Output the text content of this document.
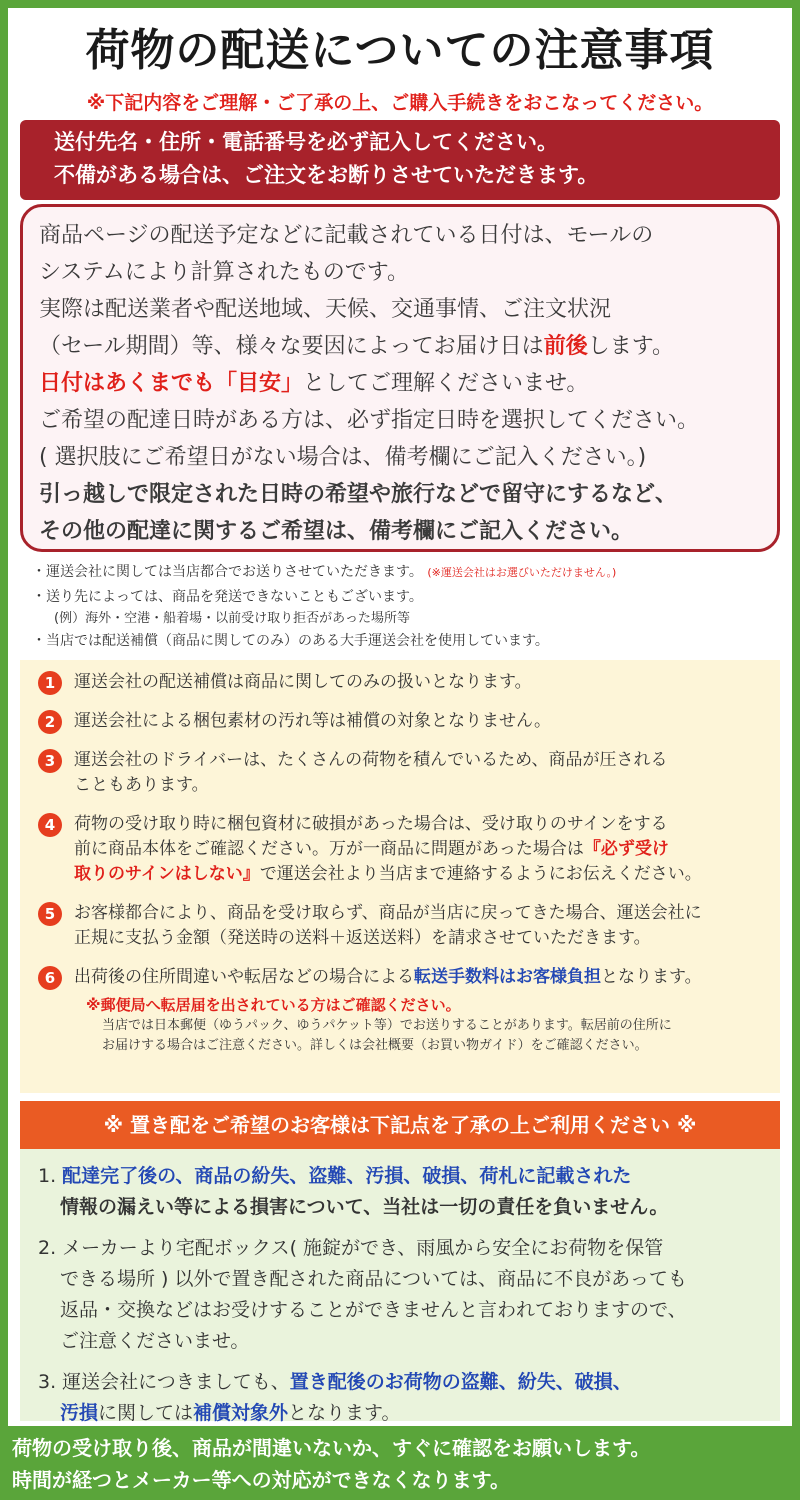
荷物の配送についての注意事項
※下記内容をご理解・ご了承の上、ご購入手続きをおこなってください。
送付先名・住所・電話番号を必ず記入してください。
不備がある場合は、ご注文をお断りさせていただきます。
商品ページの配送予定などに記載されている日付は、モールの
システムにより計算されたものです。
実際は配送業者や配送地域、天候、交通事情、ご注文状況
（セール期間）等、様々な要因によってお届け日は前後します。
日付はあくまでも「目安」としてご理解くださいませ。
ご希望の配達日時がある方は、必ず指定日時を選択してください。
( 選択肢にご希望日がない場合は、備考欄にご記入ください。)
引っ越しで限定された日時の希望や旅行などで留守にするなど、
その他の配達に関するご希望は、備考欄にご記入ください。
・運送会社に関しては当店都合でお送りさせていただきます。 (※運送会社はお選びいただけません。)
・送り先によっては、商品を発送できないこともございます。
(例）海外・空港・船着場・以前受け取り拒否があった場所等
・当店では配送補償（商品に関してのみ）のある大手運送会社を使用しています。
1	運送会社の配送補償は商品に関してのみの扱いとなります。
2	運送会社による梱包素材の汚れ等は補償の対象となりません。
3	運送会社のドライバーは、たくさんの荷物を積んでいるため、商品が圧される
こともあります。
4	荷物の受け取り時に梱包資材に破損があった場合は、受け取りのサインをする
前に商品本体をご確認ください。万が一商品に問題があった場合は『必ず受け
取りのサインはしない』で運送会社より当店まで連絡するようにお伝えください。
5	お客様都合により、商品を受け取らず、商品が当店に戻ってきた場合、運送会社に
正規に支払う金額（発送時の送料＋返送送料）を請求させていただきます。
6	出荷後の住所間違いや転居などの場合による転送手数料はお客様負担となります。
※郵便局へ転居届を出されている方はご確認ください。
当店では日本郵便（ゆうパック、ゆうパケット等）でお送りすることがあります。転居前の住所に
お届けする場合はご注意ください。詳しくは会社概要（お買い物ガイド）をご確認ください。
※ 置き配をご希望のお客様は下記点を了承の上ご利用ください ※
1. 配達完了後の、商品の紛失、盗難、汚損、破損、荷札に記載された
情報の漏えい等による損害について、当社は一切の責任を負いません。
2. メーカーより宅配ボックス( 施錠ができ、雨風から安全にお荷物を保管
できる場所 ) 以外で置き配された商品については、商品に不良があっても
返品・交換などはお受けすることができませんと言われておりますので、
ご注意くださいませ。
3. 運送会社につきましても、置き配後のお荷物の盗難、紛失、破損、
汚損に関しては補償対象外となります。
荷物の受け取り後、商品が間違いないか、すぐに確認をお願いします。
時間が経つとメーカー等への対応ができなくなります。
